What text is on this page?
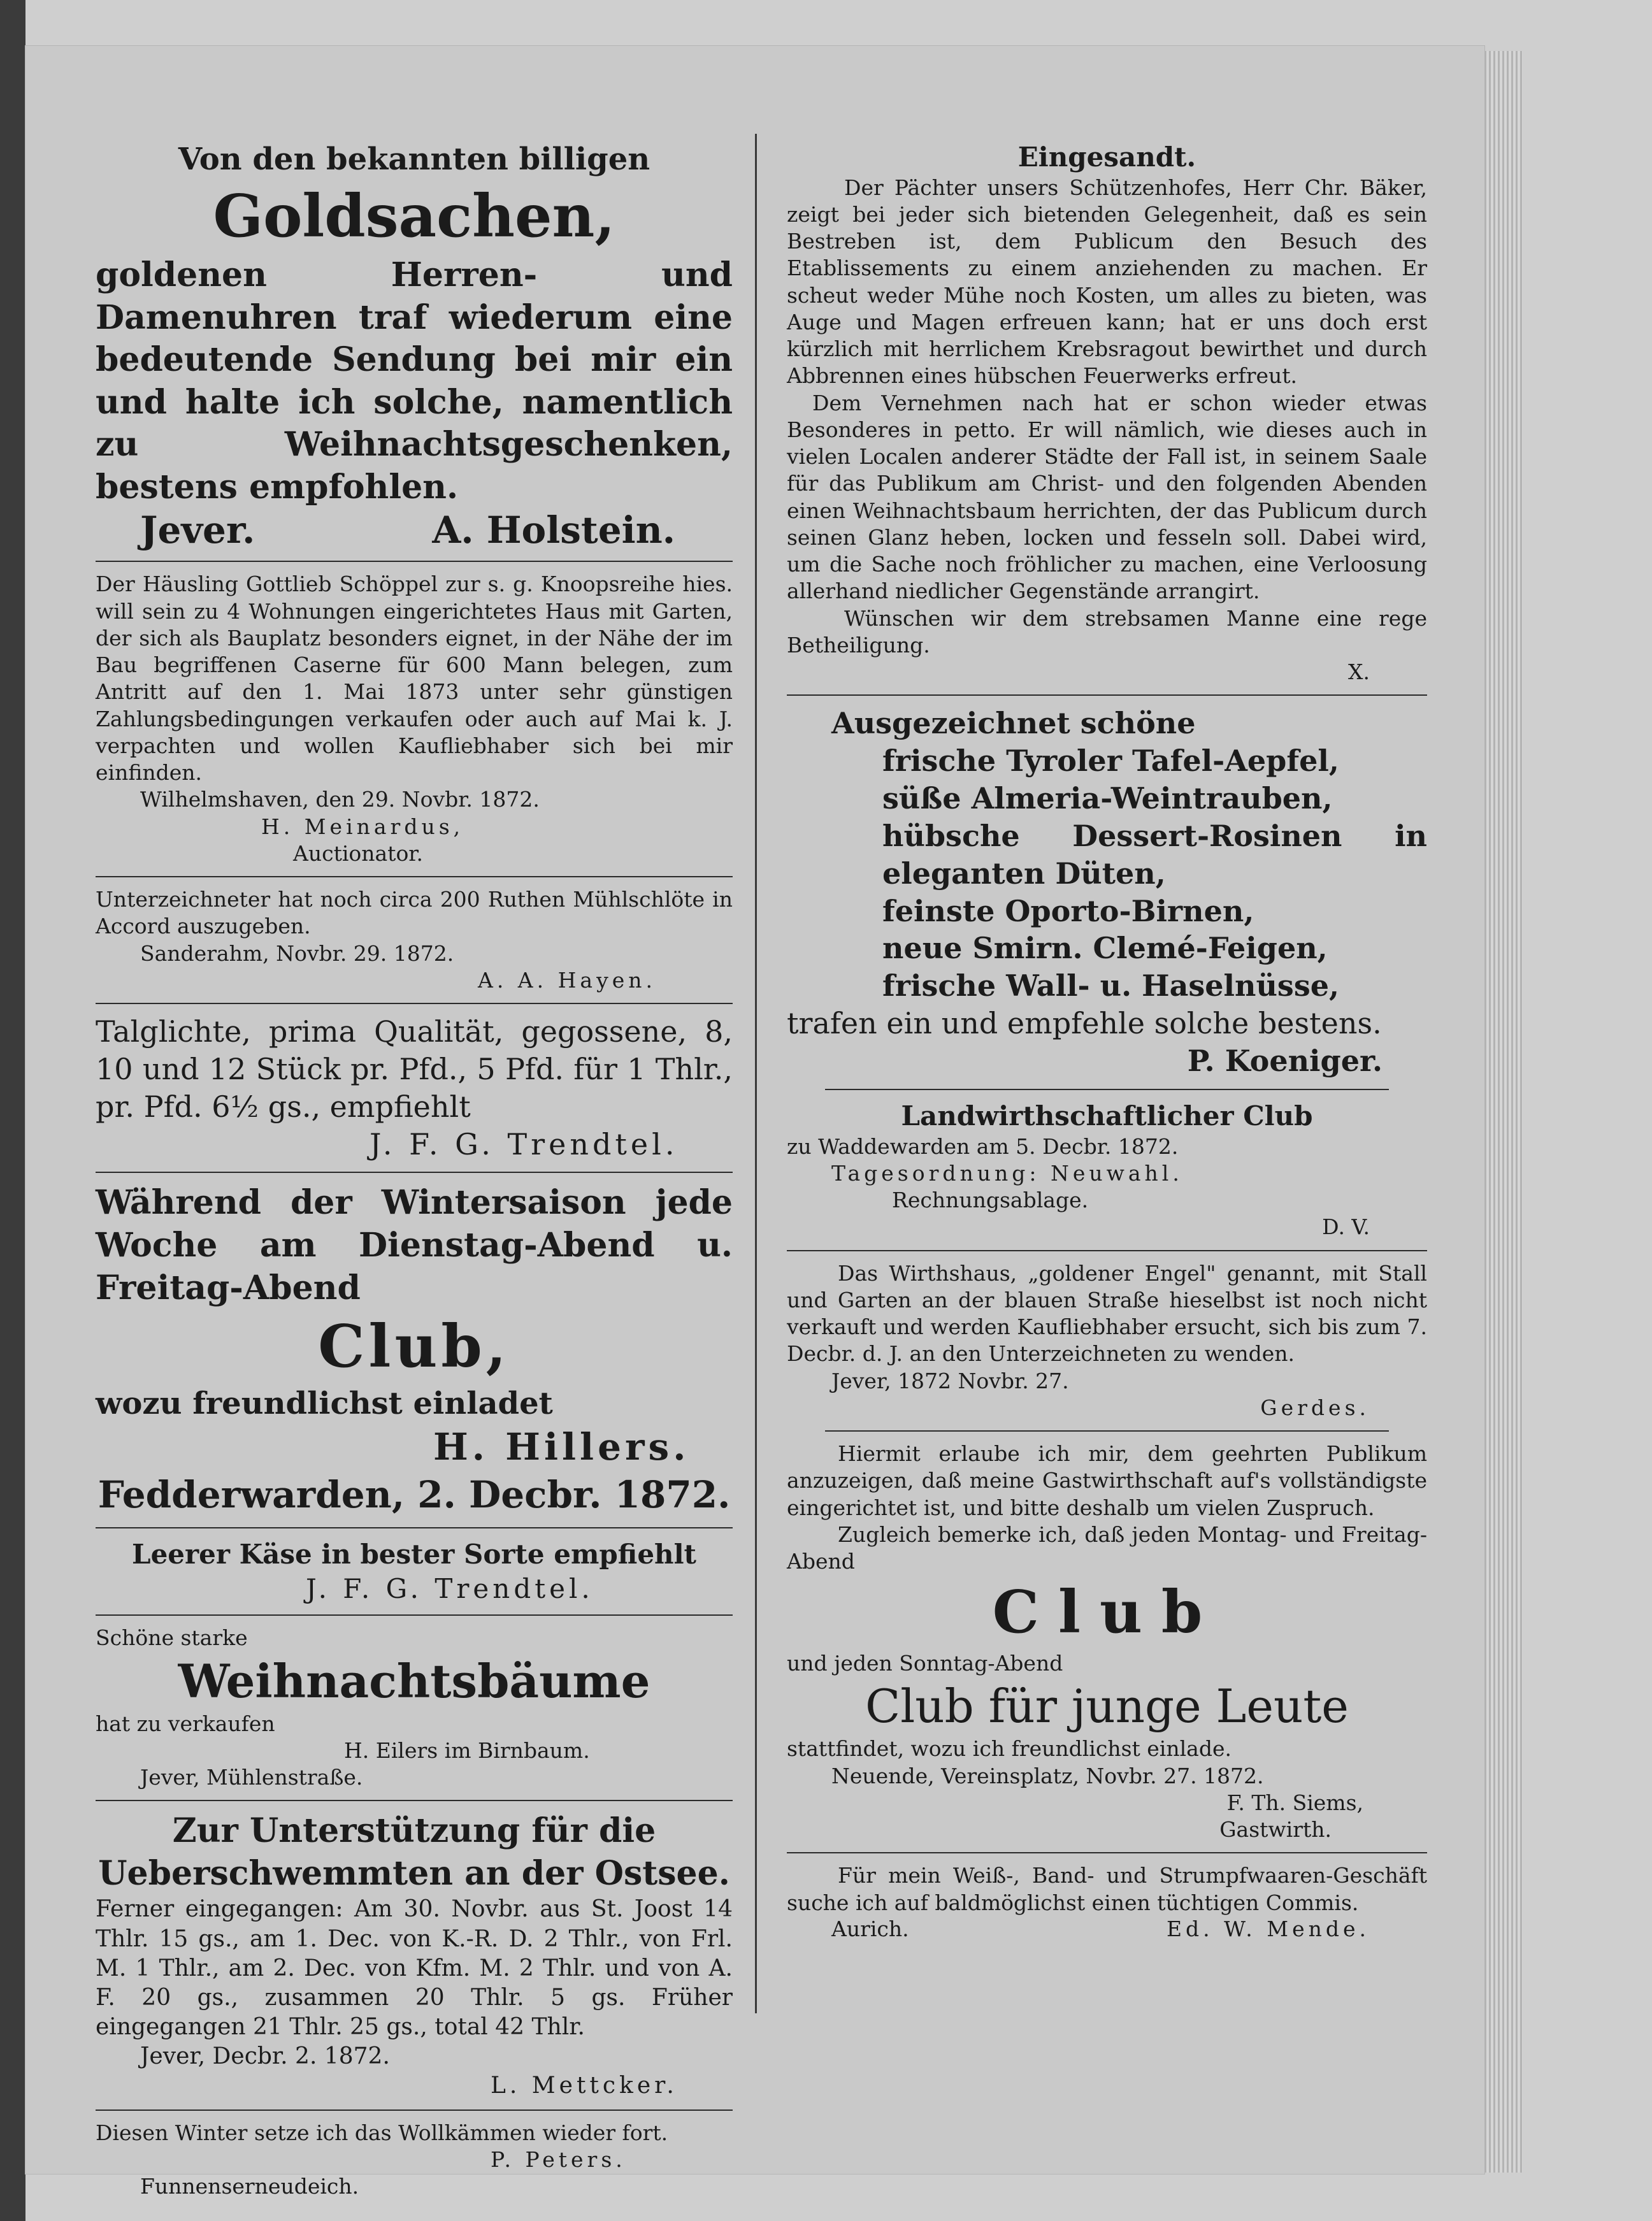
Von den bekannten billigen

Goldsachen,

goldenen Herren- und Damenuhren traf wiederum eine bedeutende Sendung bei mir ein und halte ich solche, namentlich zu Weihnachtsgeschenken, bestens empfohlen.

Jever.	A. Holstein.

Der Häusling Gottlieb Schöppel zur s. g. Knoopsreihe hies. will sein zu 4 Wohnungen eingerichtetes Haus mit Garten, der sich als Bauplatz besonders eignet, in der Nähe der im Bau begriffenen Caserne für 600 Mann belegen, zum Antritt auf den 1. Mai 1873 unter sehr günstigen Zahlungsbedingungen verkaufen oder auch auf Mai k. J. verpachten und wollen Kaufliebhaber sich bei mir einfinden.

Wilhelmshaven, den 29. Novbr. 1872.

H. Meinardus,

Auctionator.

Unterzeichneter hat noch circa 200 Ruthen Mühlschlöte in Accord auszugeben.

Sanderahm, Novbr. 29. 1872.

A. A. Hayen.

Talglichte, prima Qualität, gegossene, 8, 10 und 12 Stück pr. Pfd., 5 Pfd. für 1 Thlr., pr. Pfd. 6½ gs., empfiehlt

J. F. G. Trendtel.

Während der Wintersaison jede Woche am Dienstag-Abend u. Freitag-Abend

Club,

wozu freundlichst einladet

H. Hillers.

Fedderwarden, 2. Decbr. 1872.

Leerer Käse in bester Sorte empfiehlt

J. F. G. Trendtel.

Schöne starke

Weihnachtsbäume

hat zu verkaufen

H. Eilers im Birnbaum.

Jever, Mühlenstraße.

Zur Unterstützung für die Ueberschwemmten an der Ostsee.

Ferner eingegangen: Am 30. Novbr. aus St. Joost 14 Thlr. 15 gs., am 1. Dec. von K.-R. D. 2 Thlr., von Frl. M. 1 Thlr., am 2. Dec. von Kfm. M. 2 Thlr. und von A. F. 20 gs., zusammen 20 Thlr. 5 gs. Früher eingegangen 21 Thlr. 25 gs., total 42 Thlr.

Jever, Decbr. 2. 1872.

L. Mettcker.

Diesen Winter setze ich das Wollkämmen wieder fort.

P. Peters.

Funnenserneudeich.

Eingesandt.

Der Pächter unsers Schützenhofes, Herr Chr. Bäker, zeigt bei jeder sich bietenden Gelegenheit, daß es sein Bestreben ist, dem Publicum den Besuch des Etablissements zu einem anziehenden zu machen. Er scheut weder Mühe noch Kosten, um alles zu bieten, was Auge und Magen erfreuen kann; hat er uns doch erst kürzlich mit herrlichem Krebsragout bewirthet und durch Abbrennen eines hübschen Feuerwerks erfreut.

Dem Vernehmen nach hat er schon wieder etwas Besonderes in petto. Er will nämlich, wie dieses auch in vielen Localen anderer Städte der Fall ist, in seinem Saale für das Publikum am Christ- und den folgenden Abenden einen Weihnachtsbaum herrichten, der das Publicum durch seinen Glanz heben, locken und fesseln soll. Dabei wird, um die Sache noch fröhlicher zu machen, eine Verloosung allerhand niedlicher Gegenstände arrangirt.

Wünschen wir dem strebsamen Manne eine rege Betheiligung.

X.

Ausgezeichnet schöne

frische Tyroler Tafel-Aepfel,

süße Almeria-Weintrauben,

hübsche Dessert-Rosinen in eleganten Düten,

feinste Oporto-Birnen,

neue Smirn. Clemé-Feigen,

frische Wall- u. Haselnüsse,

trafen ein und empfehle solche bestens.

P. Koeniger.

Landwirthschaftlicher Club

zu Waddewarden am 5. Decbr. 1872.

Tagesordnung: Neuwahl.

Rechnungsablage.

D. V.

Das Wirthshaus, „goldener Engel" genannt, mit Stall und Garten an der blauen Straße hieselbst ist noch nicht verkauft und werden Kaufliebhaber ersucht, sich bis zum 7. Decbr. d. J. an den Unterzeichneten zu wenden.

Jever, 1872 Novbr. 27.

Gerdes.

Hiermit erlaube ich mir, dem geehrten Publikum anzuzeigen, daß meine Gastwirthschaft auf's vollständigste eingerichtet ist, und bitte deshalb um vielen Zuspruch.

Zugleich bemerke ich, daß jeden Montag- und Freitag-Abend

Club

und jeden Sonntag-Abend

Club für junge Leute

stattfindet, wozu ich freundlichst einlade.

Neuende, Vereinsplatz, Novbr. 27. 1872.

F. Th. Siems,

Gastwirth.

Für mein Weiß-, Band- und Strumpfwaaren-Geschäft suche ich auf baldmöglichst einen tüchtigen Commis.

Aurich.	Ed. W. Mende.
